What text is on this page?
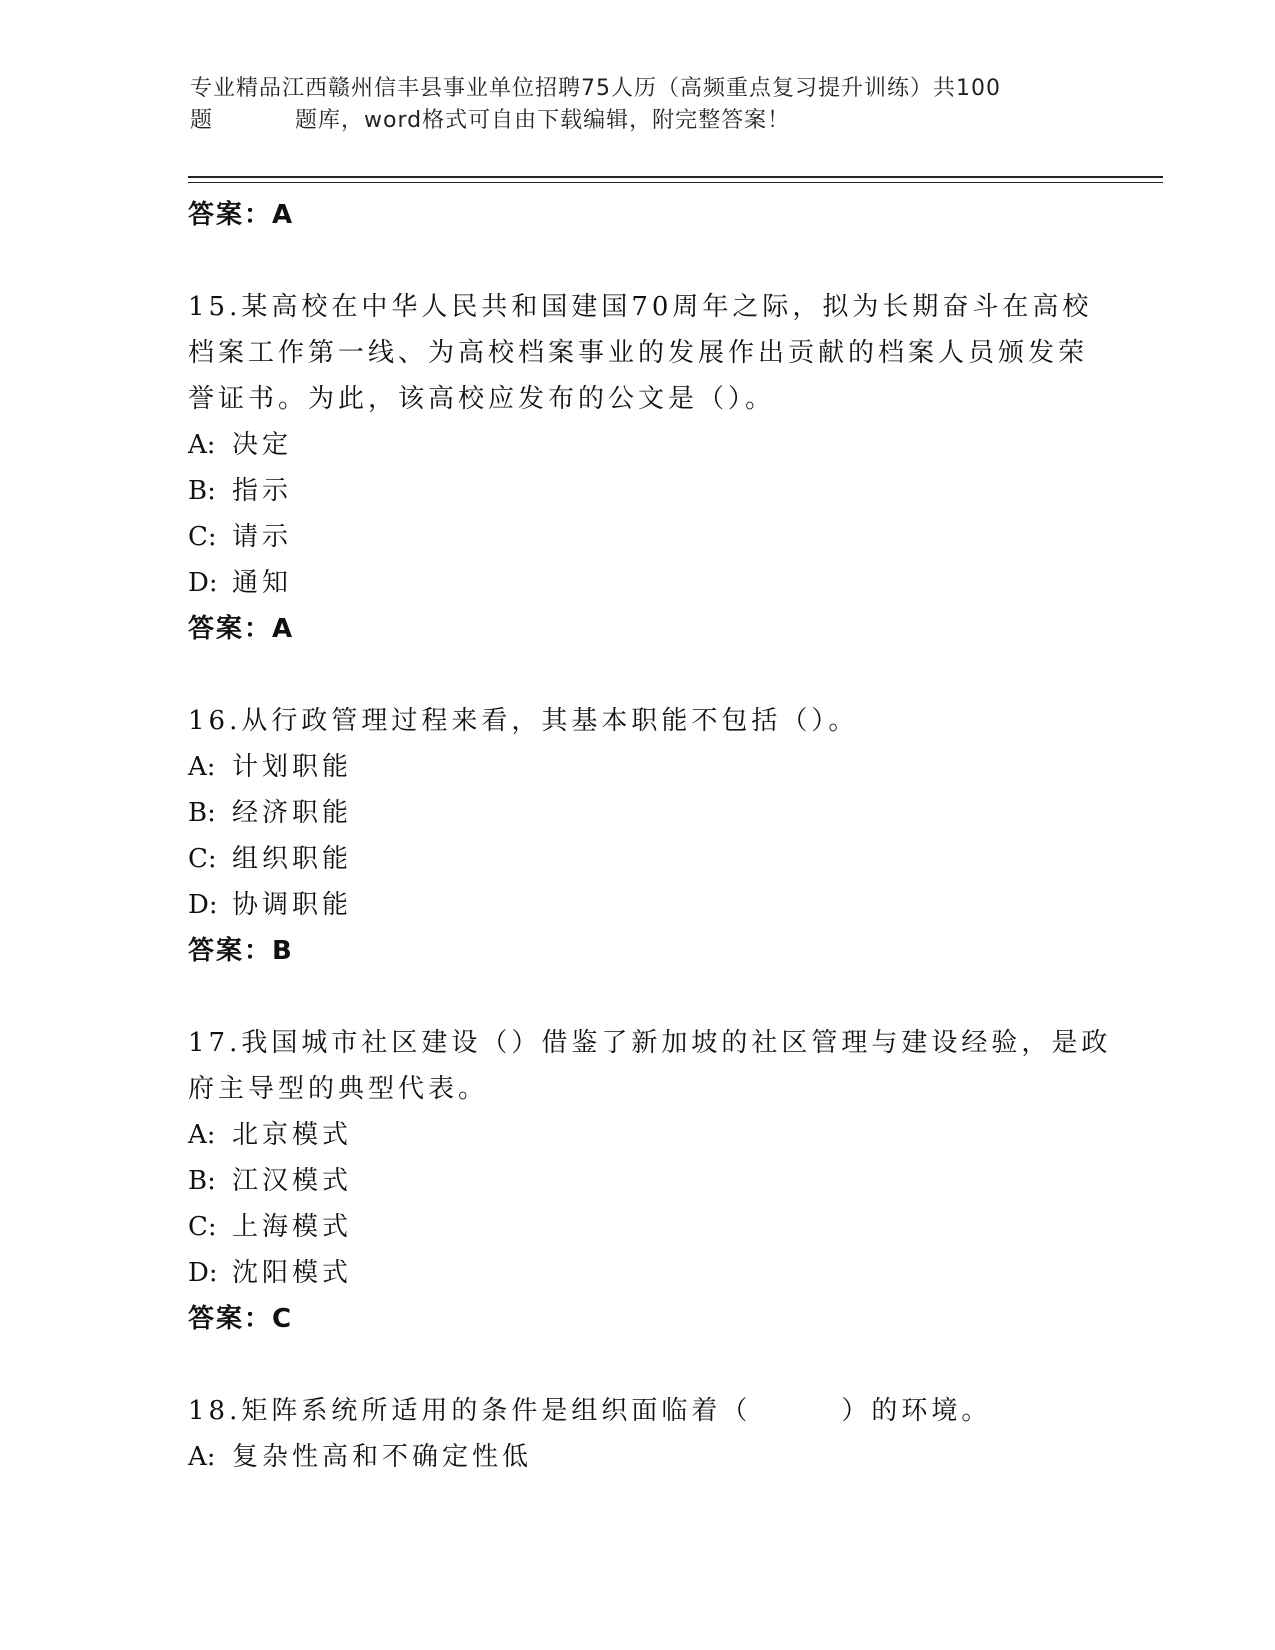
专业精品江西赣州信丰县事业单位招聘75人历（高频重点复习提升训练）共100
题	题库，word格式可自由下载编辑，附完整答案！
答案：A
15.某高校在中华人民共和国建国70周年之际，拟为长期奋斗在高校
档案工作第一线、为高校档案事业的发展作出贡献的档案人员颁发荣
誉证书。为此，该高校应发布的公文是（）。
A: 决定
B: 指示
C: 请示
D: 通知
答案：A
16.从行政管理过程来看，其基本职能不包括（）。
A: 计划职能
B: 经济职能
C: 组织职能
D: 协调职能
答案：B
17.我国城市社区建设（）借鉴了新加坡的社区管理与建设经验，是政
府主导型的典型代表。
A: 北京模式
B: 江汉模式
C: 上海模式
D: 沈阳模式
答案：C
18.矩阵系统所适用的条件是组织面临着（　　　）的环境。
A: 复杂性高和不确定性低
